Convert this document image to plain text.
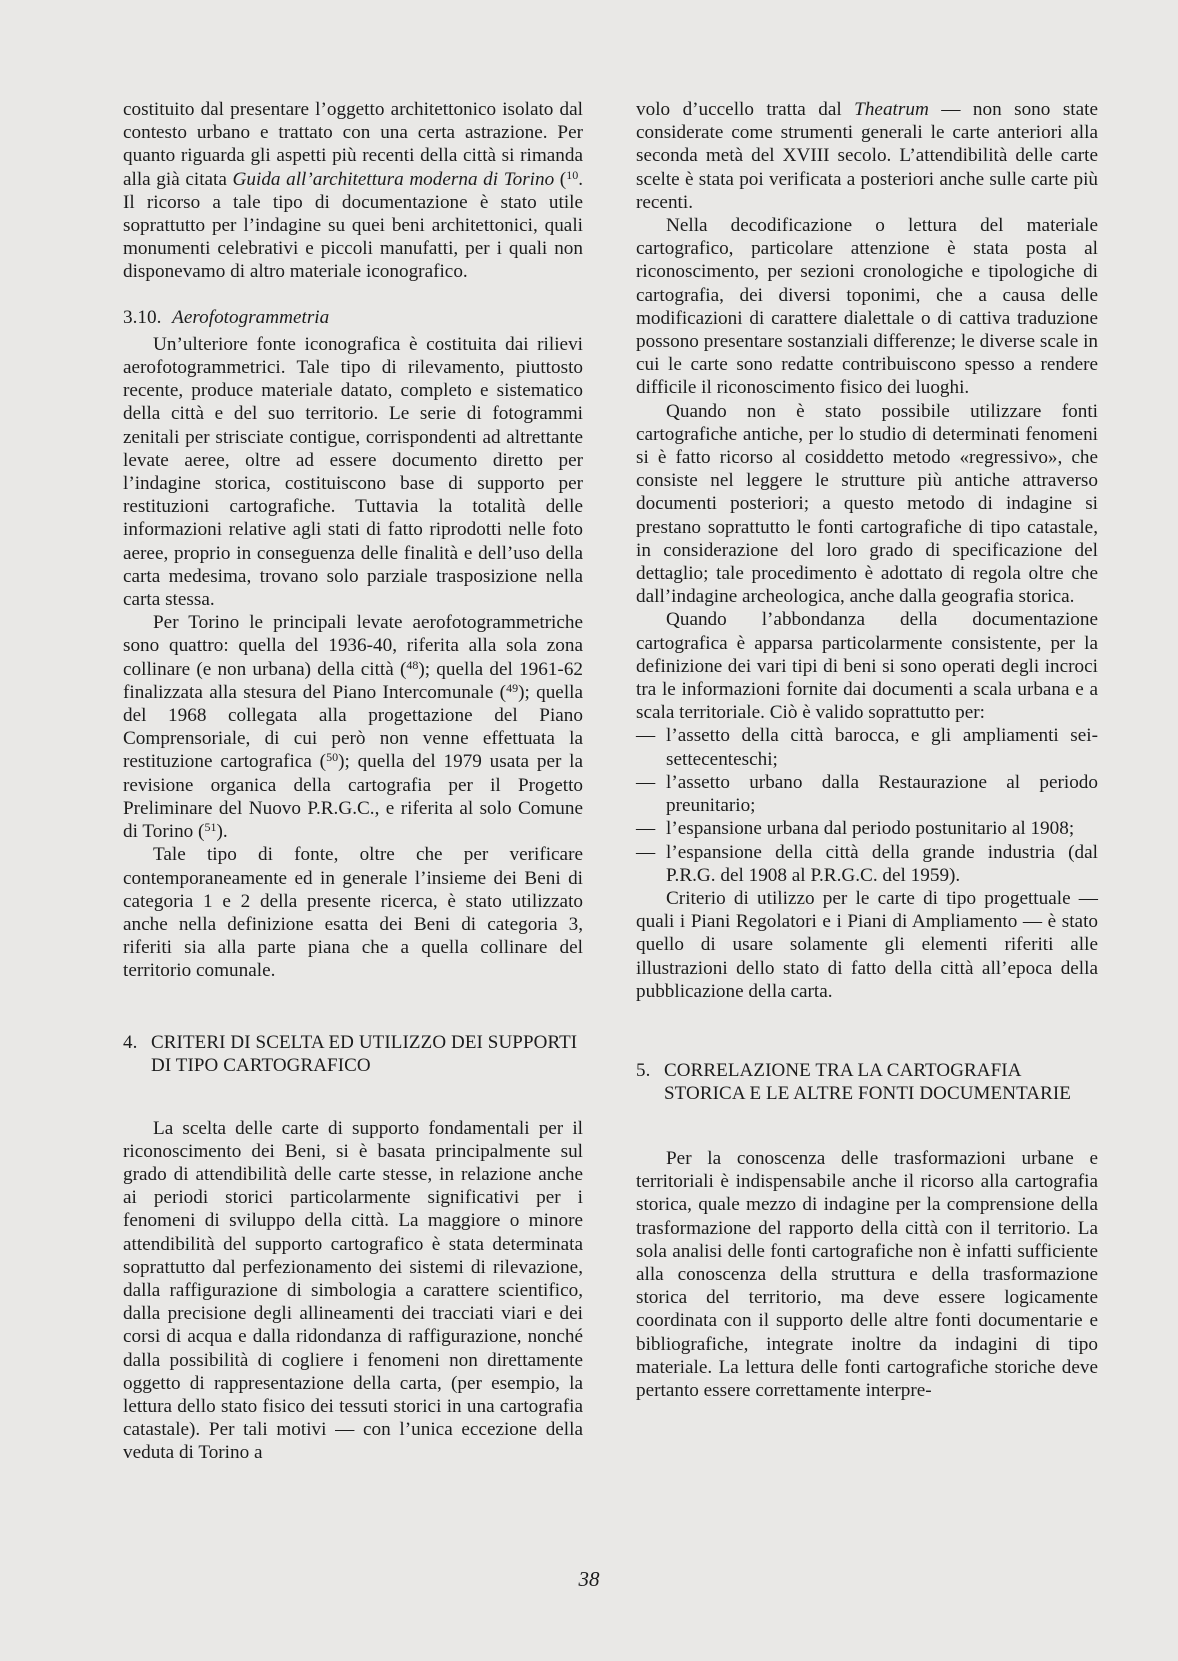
costituito dal presentare l’oggetto architettonico isolato dal contesto urbano e trattato con una certa astrazione. Per quanto riguarda gli aspetti più recenti della città si rimanda alla già citata Guida all’architettura moderna di Torino ($^{10}$. Il ricorso a tale tipo di documentazione è stato utile soprattutto per l’indagine su quei beni architettonici, quali monumenti celebrativi e piccoli manufatti, per i quali non disponevamo di altro materiale iconografico.

3.10. Aerofotogrammetria

Un’ulteriore fonte iconografica è costituita dai rilievi aerofotogrammetrici. Tale tipo di rilevamento, piuttosto recente, produce materiale datato, completo e sistematico della città e del suo territorio. Le serie di fotogrammi zenitali per strisciate contigue, corrispondenti ad altrettante levate aeree, oltre ad essere documento diretto per l’indagine storica, costituiscono base di supporto per restituzioni cartografiche. Tuttavia la totalità delle informazioni relative agli stati di fatto riprodotti nelle foto aeree, proprio in conseguenza delle finalità e dell’uso della carta medesima, trovano solo parziale trasposizione nella carta stessa.

Per Torino le principali levate aerofotogrammetriche sono quattro: quella del 1936-40, riferita alla sola zona collinare (e non urbana) della città ($^{48}$); quella del 1961-62 finalizzata alla stesura del Piano Intercomunale ($^{49}$); quella del 1968 collegata alla progettazione del Piano Comprensoriale, di cui però non venne effettuata la restituzione cartografica ($^{50}$); quella del 1979 usata per la revisione organica della cartografia per il Progetto Preliminare del Nuovo P.R.G.C., e riferita al solo Comune di Torino ($^{51}$).

Tale tipo di fonte, oltre che per verificare contemporaneamente ed in generale l’insieme dei Beni di categoria 1 e 2 della presente ricerca, è stato utilizzato anche nella definizione esatta dei Beni di categoria 3, riferiti sia alla parte piana che a quella collinare del territorio comunale.

4. CRITERI DI SCELTA ED UTILIZZO DEI SUPPORTI DI TIPO CARTOGRAFICO

La scelta delle carte di supporto fondamentali per il riconoscimento dei Beni, si è basata principalmente sul grado di attendibilità delle carte stesse, in relazione anche ai periodi storici particolarmente significativi per i fenomeni di sviluppo della città. La maggiore o minore attendibilità del supporto cartografico è stata determinata soprattutto dal perfezionamento dei sistemi di rilevazione, dalla raffigurazione di simbologia a carattere scientifico, dalla precisione degli allineamenti dei tracciati viari e dei corsi di acqua e dalla ridondanza di raffigurazione, nonché dalla possibilità di cogliere i fenomeni non direttamente oggetto di rappresentazione della carta, (per esempio, la lettura dello stato fisico dei tessuti storici in una cartografia catastale). Per tali motivi — con l’unica eccezione della veduta di Torino a

volo d’uccello tratta dal Theatrum — non sono state considerate come strumenti generali le carte anteriori alla seconda metà del XVIII secolo. L’attendibilità delle carte scelte è stata poi verificata a posteriori anche sulle carte più recenti.

Nella decodificazione o lettura del materiale cartografico, particolare attenzione è stata posta al riconoscimento, per sezioni cronologiche e tipologiche di cartografia, dei diversi toponimi, che a causa delle modificazioni di carattere dialettale o di cattiva traduzione possono presentare sostanziali differenze; le diverse scale in cui le carte sono redatte contribuiscono spesso a rendere difficile il riconoscimento fisico dei luoghi.

Quando non è stato possibile utilizzare fonti cartografiche antiche, per lo studio di determinati fenomeni si è fatto ricorso al cosiddetto metodo «regressivo», che consiste nel leggere le strutture più antiche attraverso documenti posteriori; a questo metodo di indagine si prestano soprattutto le fonti cartografiche di tipo catastale, in considerazione del loro grado di specificazione del dettaglio; tale procedimento è adottato di regola oltre che dall’indagine archeologica, anche dalla geografia storica.

Quando l’abbondanza della documentazione cartografica è apparsa particolarmente consistente, per la definizione dei vari tipi di beni si sono operati degli incroci tra le informazioni fornite dai documenti a scala urbana e a scala territoriale. Ciò è valido soprattutto per:

— l’assetto della città barocca, e gli ampliamenti sei-settecenteschi;
— l’assetto urbano dalla Restaurazione al periodo preunitario;
— l’espansione urbana dal periodo postunitario al 1908;
— l’espansione della città della grande industria (dal P.R.G. del 1908 al P.R.G.C. del 1959).

Criterio di utilizzo per le carte di tipo progettuale — quali i Piani Regolatori e i Piani di Ampliamento — è stato quello di usare solamente gli elementi riferiti alle illustrazioni dello stato di fatto della città all’epoca della pubblicazione della carta.

5. CORRELAZIONE TRA LA CARTOGRAFIA STORICA E LE ALTRE FONTI DOCUMENTARIE

Per la conoscenza delle trasformazioni urbane e territoriali è indispensabile anche il ricorso alla cartografia storica, quale mezzo di indagine per la comprensione della trasformazione del rapporto della città con il territorio. La sola analisi delle fonti cartografiche non è infatti sufficiente alla conoscenza della struttura e della trasformazione storica del territorio, ma deve essere logicamente coordinata con il supporto delle altre fonti documentarie e bibliografiche, integrate inoltre da indagini di tipo materiale. La lettura delle fonti cartografiche storiche deve pertanto essere correttamente interpre-

38
